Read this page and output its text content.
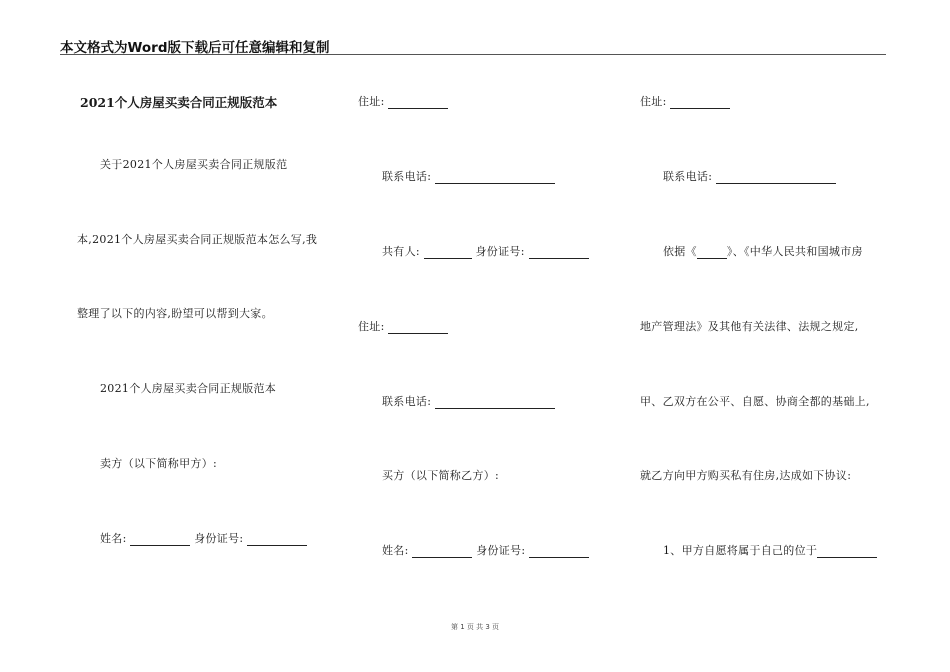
本文格式为Word版下载后可任意编辑和复制
2021个人房屋买卖合同正规版范本
关于2021个人房屋买卖合同正规版范
本,2021个人房屋买卖合同正规版范本怎么写,我
整理了以下的内容,盼望可以帮到大家。
2021个人房屋买卖合同正规版范本
卖方（以下简称甲方）:
姓名:	身份证号:
住址:
联系电话:
共有人:	身份证号:
住址:
联系电话:
买方（以下简称乙方）:
姓名:	身份证号:
住址:
联系电话:
依据《	》、《中华人民共和国城市房
地产管理法》及其他有关法律、法规之规定,
甲、乙双方在公平、自愿、协商全都的基础上,
就乙方向甲方购买私有住房,达成如下协议:
1、甲方自愿将属于自己的位于
第 1 页 共 3 页
